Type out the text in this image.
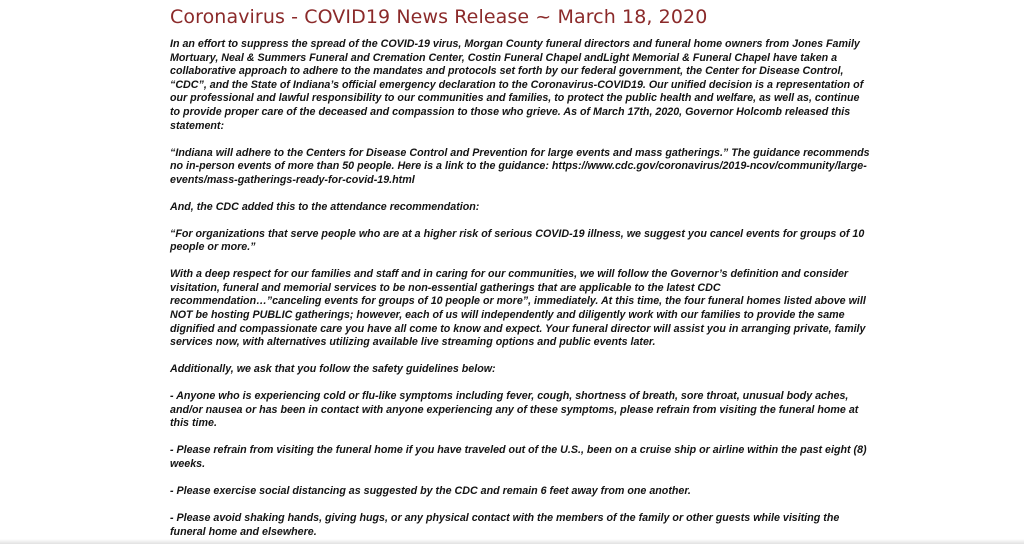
Coronavirus - COVID19 News Release ~ March 18, 2020

In an effort to suppress the spread of the COVID-19 virus, Morgan County funeral directors and funeral home owners from Jones Family Mortuary, Neal & Summers Funeral and Cremation Center, Costin Funeral Chapel andLight Memorial & Funeral Chapel have taken a collaborative approach to adhere to the mandates and protocols set forth by our federal government, the Center for Disease Control, “CDC”, and the State of Indiana’s official emergency declaration to the Coronavirus-COVID19. Our unified decision is a representation of our professional and lawful responsibility to our communities and families, to protect the public health and welfare, as well as, continue to provide proper care of the deceased and compassion to those who grieve. As of March 17th, 2020, Governor Holcomb released this statement:

“Indiana will adhere to the Centers for Disease Control and Prevention for large events and mass gatherings.” The guidance recommends no in-person events of more than 50 people. Here is a link to the guidance: https://www.cdc.gov/coronavirus/2019-ncov/community/large-events/mass-gatherings-ready-for-covid-19.html

And, the CDC added this to the attendance recommendation:

“For organizations that serve people who are at a higher risk of serious COVID-19 illness, we suggest you cancel events for groups of 10 people or more.”

With a deep respect for our families and staff and in caring for our communities, we will follow the Governor’s definition and consider visitation, funeral and memorial services to be non-essential gatherings that are applicable to the latest CDC recommendation…”canceling events for groups of 10 people or more”, immediately. At this time, the four funeral homes listed above will NOT be hosting PUBLIC gatherings; however, each of us will independently and diligently work with our families to provide the same dignified and compassionate care you have all come to know and expect. Your funeral director will assist you in arranging private, family services now, with alternatives utilizing available live streaming options and public events later.

Additionally, we ask that you follow the safety guidelines below:

- Anyone who is experiencing cold or flu-like symptoms including fever, cough, shortness of breath, sore throat, unusual body aches, and/or nausea or has been in contact with anyone experiencing any of these symptoms, please refrain from visiting the funeral home at this time.

- Please refrain from visiting the funeral home if you have traveled out of the U.S., been on a cruise ship or airline within the past eight (8) weeks.

- Please exercise social distancing as suggested by the CDC and remain 6 feet away from one another.

- Please avoid shaking hands, giving hugs, or any physical contact with the members of the family or other guests while visiting the funeral home and elsewhere.
